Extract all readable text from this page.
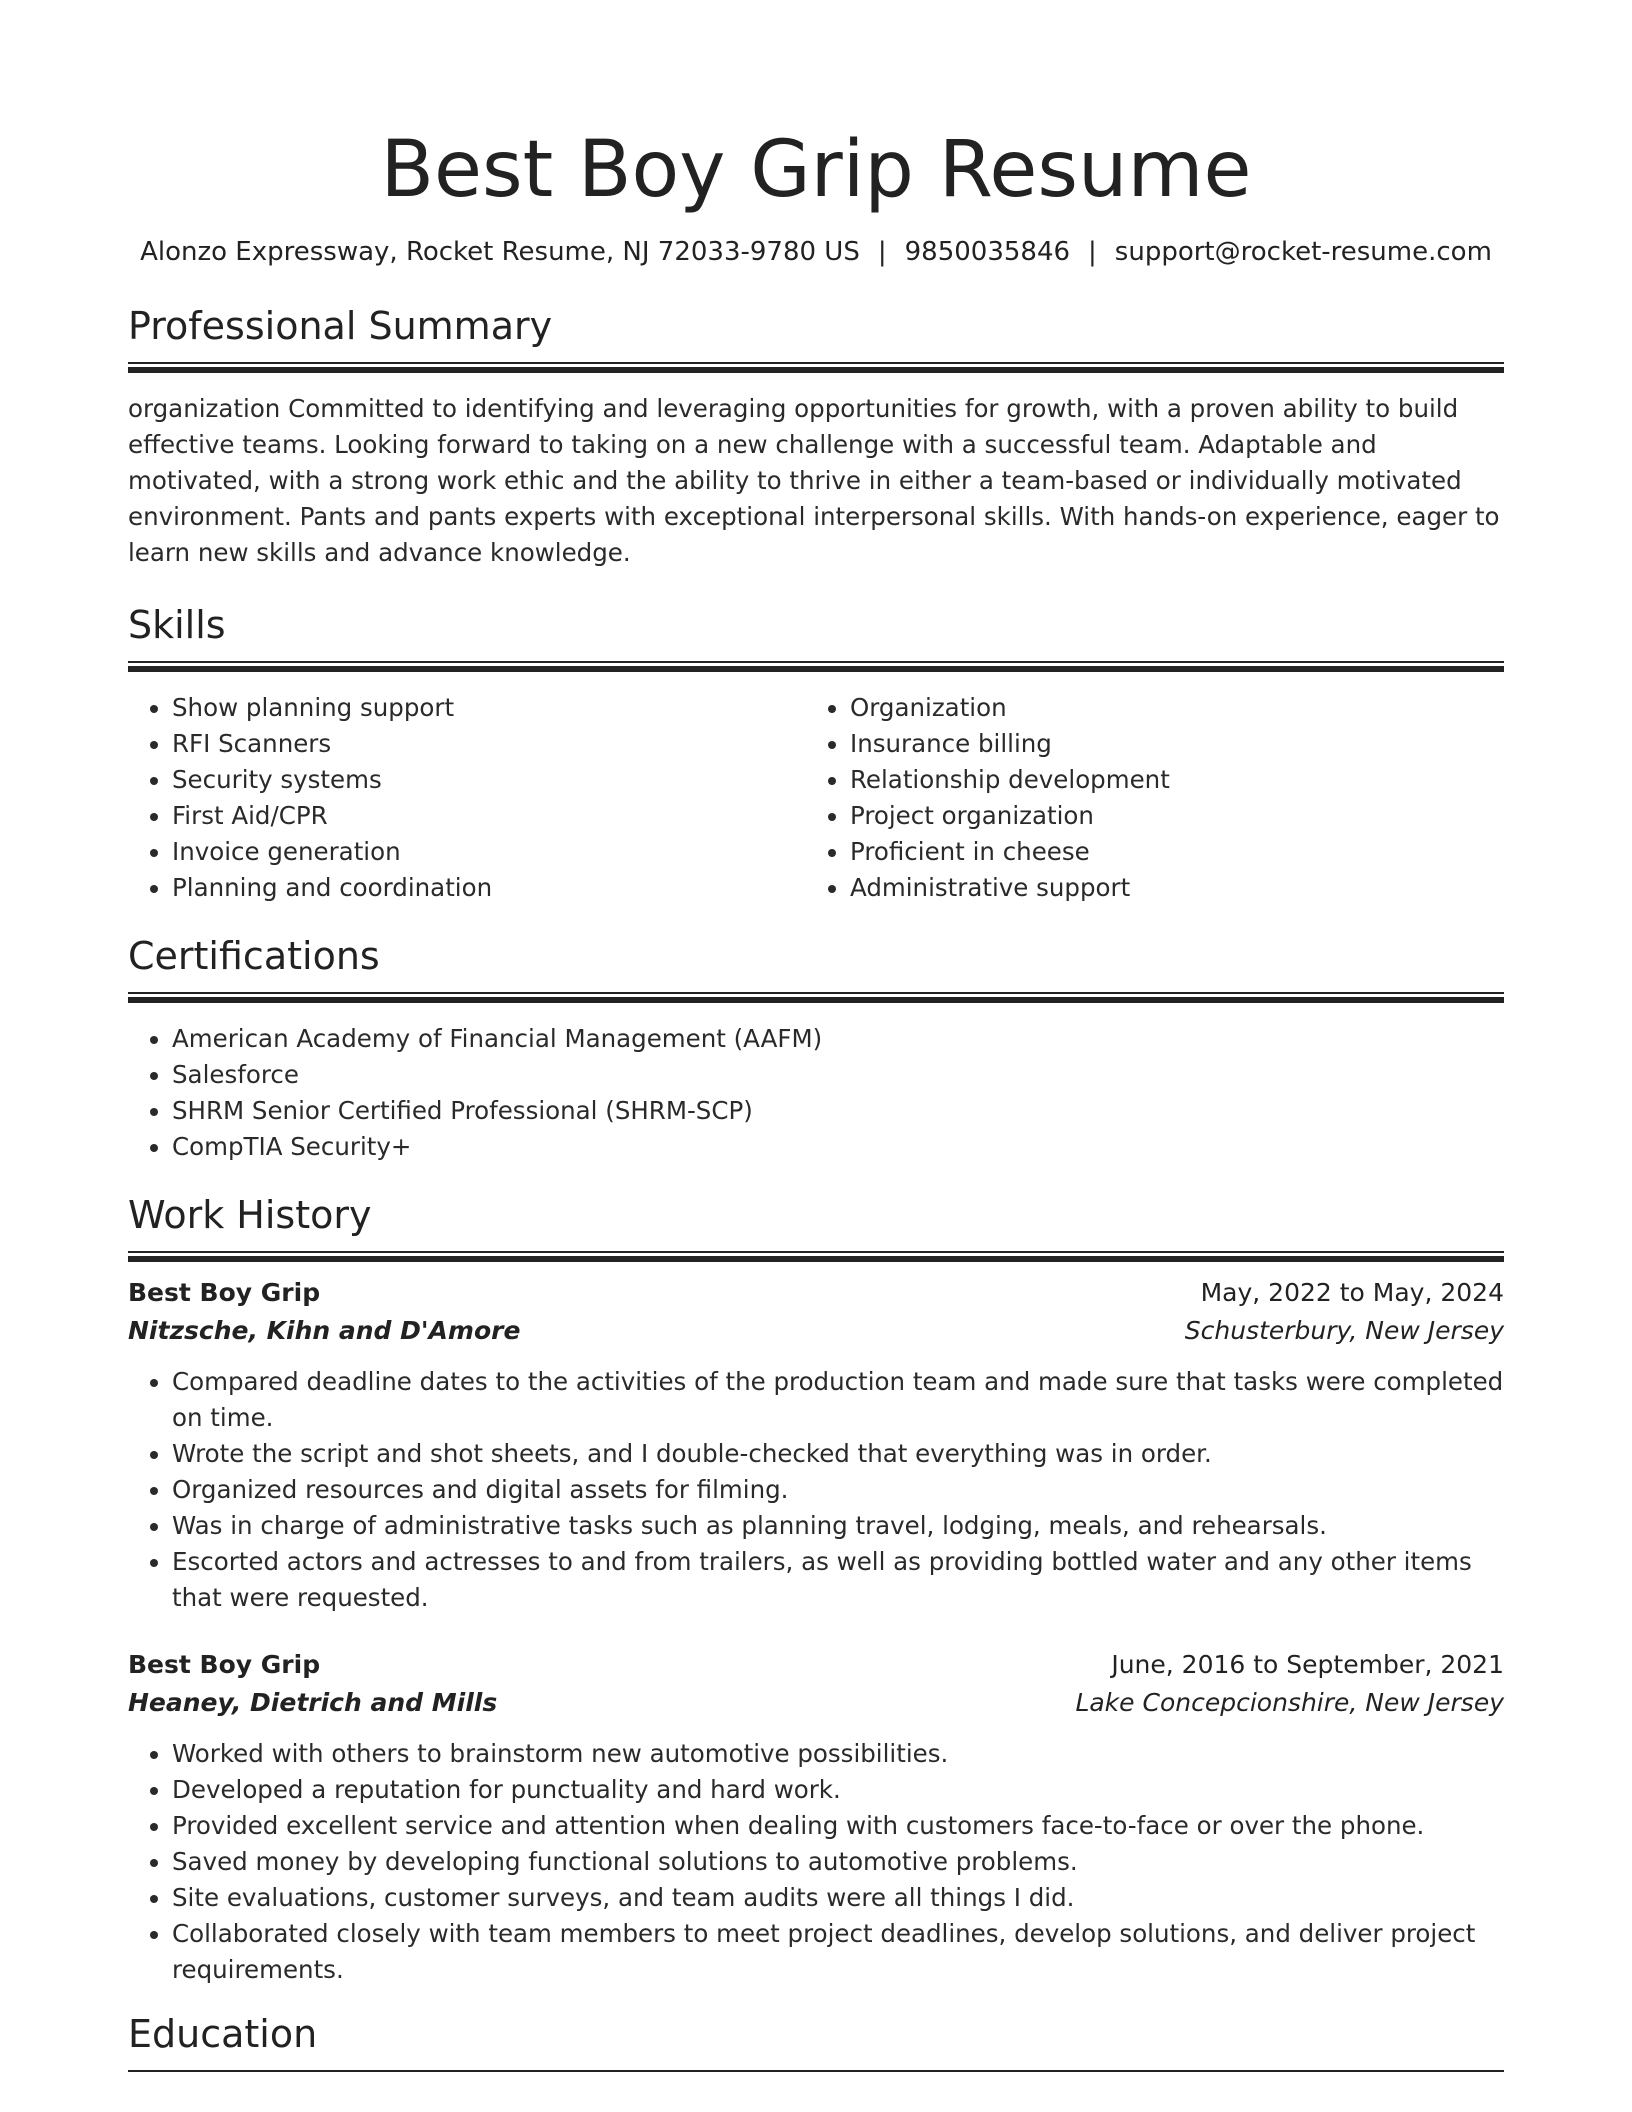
Best Boy Grip Resume
Alonzo Expressway, Rocket Resume, NJ 72033-9780 US | 9850035846 | support@rocket-resume.com
Professional Summary

organization Committed to identifying and leveraging opportunities for growth, with a proven ability to build effective teams. Looking forward to taking on a new challenge with a successful team. Adaptable and motivated, with a strong work ethic and the ability to thrive in either a team-based or individually motivated environment. Pants and pants experts with exceptional interpersonal skills. With hands-on experience, eager to learn new skills and advance knowledge.

Skills
• Show planning support
• RFI Scanners
• Security systems
• First Aid/CPR
• Invoice generation
• Planning and coordination
• Organization
• Insurance billing
• Relationship development
• Project organization
• Proficient in cheese
• Administrative support
Certifications
• American Academy of Financial Management (AAFM)
• Salesforce
• SHRM Senior Certified Professional (SHRM-SCP)
• CompTIA Security+
Work History
Best Boy Grip	May, 2022 to May, 2024
Nitzsche, Kihn and D'Amore	Schusterbury, New Jersey
• Compared deadline dates to the activities of the production team and made sure that tasks were completed on time.
• Wrote the script and shot sheets, and I double-checked that everything was in order.
• Organized resources and digital assets for filming.
• Was in charge of administrative tasks such as planning travel, lodging, meals, and rehearsals.
• Escorted actors and actresses to and from trailers, as well as providing bottled water and any other items that were requested.
Best Boy Grip	June, 2016 to September, 2021
Heaney, Dietrich and Mills	Lake Concepcionshire, New Jersey
• Worked with others to brainstorm new automotive possibilities.
• Developed a reputation for punctuality and hard work.
• Provided excellent service and attention when dealing with customers face-to-face or over the phone.
• Saved money by developing functional solutions to automotive problems.
• Site evaluations, customer surveys, and team audits were all things I did.
• Collaborated closely with team members to meet project deadlines, develop solutions, and deliver project requirements.
Education
